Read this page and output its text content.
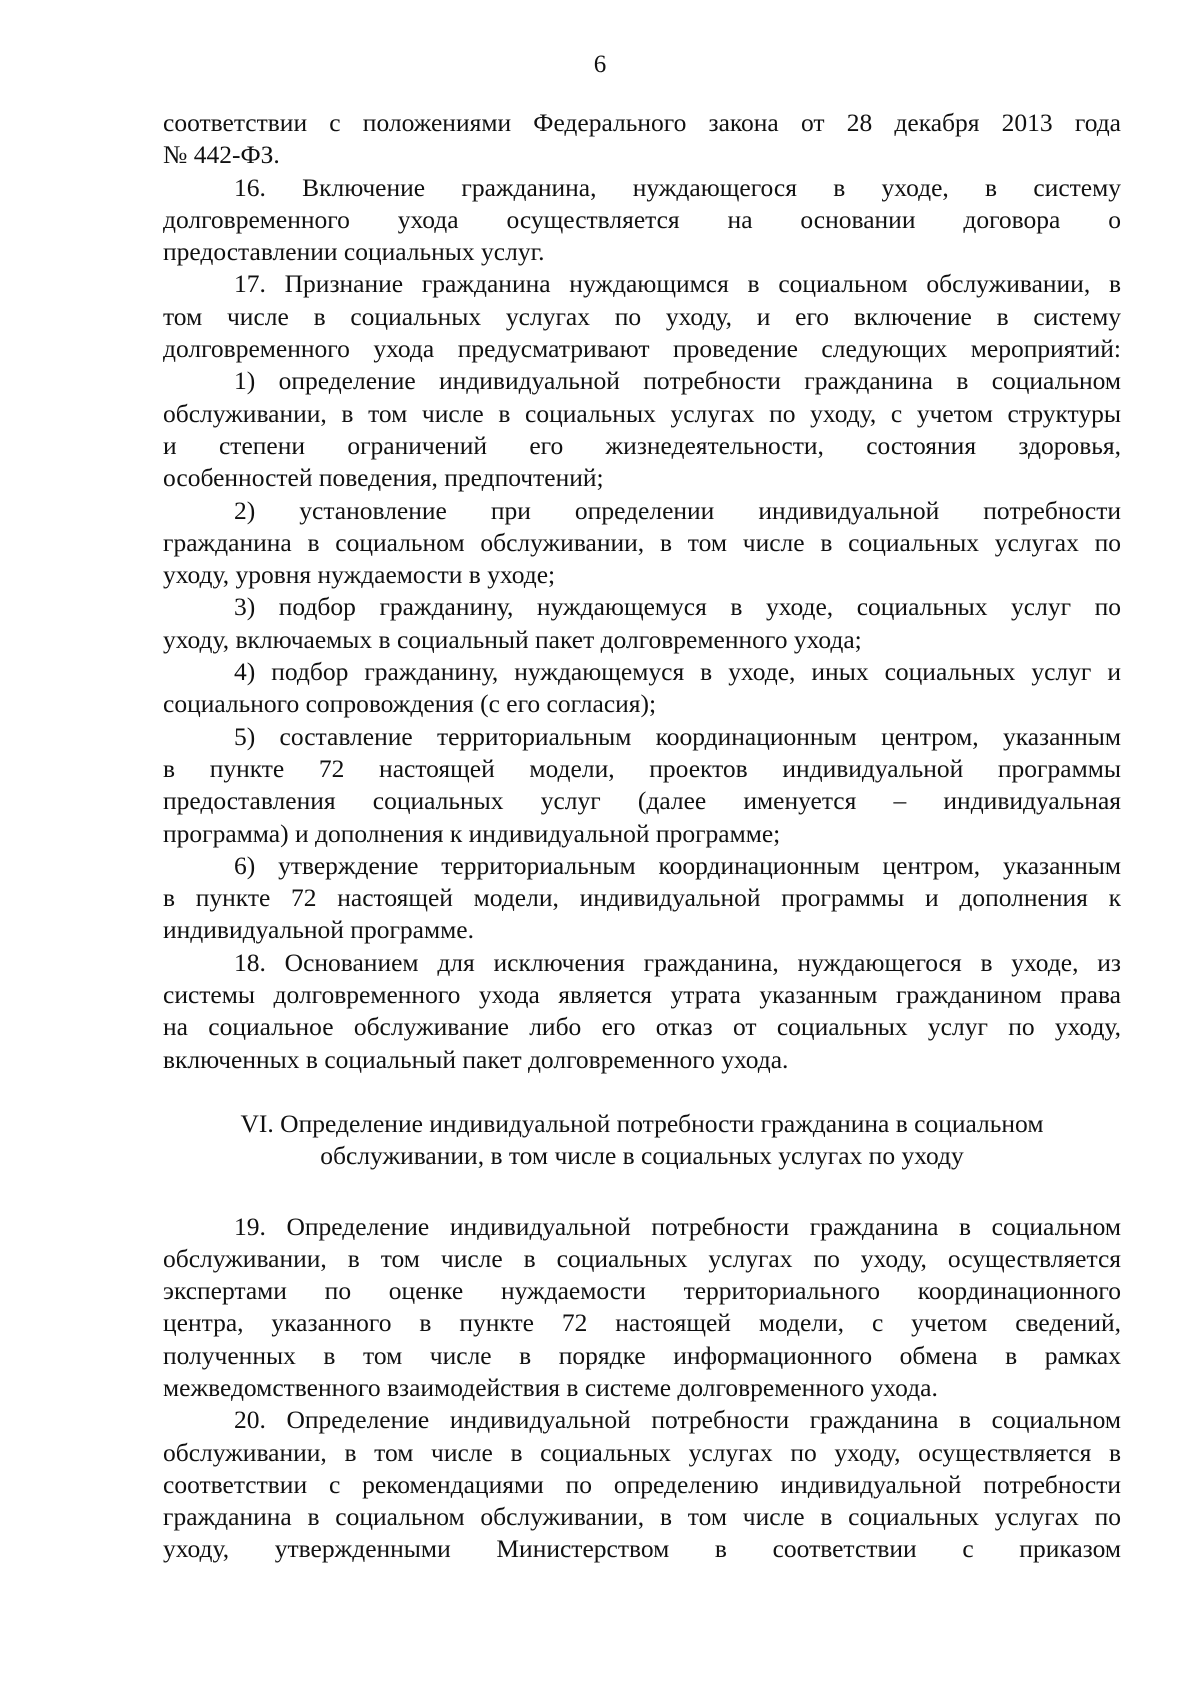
6
соответствии с положениями Федерального закона от 28 декабря 2013 года
№ 442-ФЗ.
16. Включение гражданина, нуждающегося в уходе, в систему
долговременного ухода осуществляется на основании договора о
предоставлении социальных услуг.
17. Признание гражданина нуждающимся в социальном обслуживании, в
том числе в социальных услугах по уходу, и его включение в систему
долговременного ухода предусматривают проведение следующих мероприятий:
1) определение индивидуальной потребности гражданина в социальном
обслуживании, в том числе в социальных услугах по уходу, с учетом структуры
и степени ограничений его жизнедеятельности, состояния здоровья,
особенностей поведения, предпочтений;
2) установление при определении индивидуальной потребности
гражданина в социальном обслуживании, в том числе в социальных услугах по
уходу, уровня нуждаемости в уходе;
3) подбор гражданину, нуждающемуся в уходе, социальных услуг по
уходу, включаемых в социальный пакет долговременного ухода;
4) подбор гражданину, нуждающемуся в уходе, иных социальных услуг и
социального сопровождения (с его согласия);
5) составление территориальным координационным центром, указанным
в пункте 72 настоящей модели, проектов индивидуальной программы
предоставления социальных услуг (далее именуется – индивидуальная
программа) и дополнения к индивидуальной программе;
6) утверждение территориальным координационным центром, указанным
в пункте 72 настоящей модели, индивидуальной программы и дополнения к
индивидуальной программе.
18. Основанием для исключения гражданина, нуждающегося в уходе, из
системы долговременного ухода является утрата указанным гражданином права
на социальное обслуживание либо его отказ от социальных услуг по уходу,
включенных в социальный пакет долговременного ухода.
VI. Определение индивидуальной потребности гражданина в социальном
обслуживании, в том числе в социальных услугах по уходу
19. Определение индивидуальной потребности гражданина в социальном
обслуживании, в том числе в социальных услугах по уходу, осуществляется
экспертами по оценке нуждаемости территориального координационного
центра, указанного в пункте 72 настоящей модели, с учетом сведений,
полученных в том числе в порядке информационного обмена в рамках
межведомственного взаимодействия в системе долговременного ухода.
20. Определение индивидуальной потребности гражданина в социальном
обслуживании, в том числе в социальных услугах по уходу, осуществляется в
соответствии с рекомендациями по определению индивидуальной потребности
гражданина в социальном обслуживании, в том числе в социальных услугах по
уходу, утвержденными Министерством в соответствии с приказом
